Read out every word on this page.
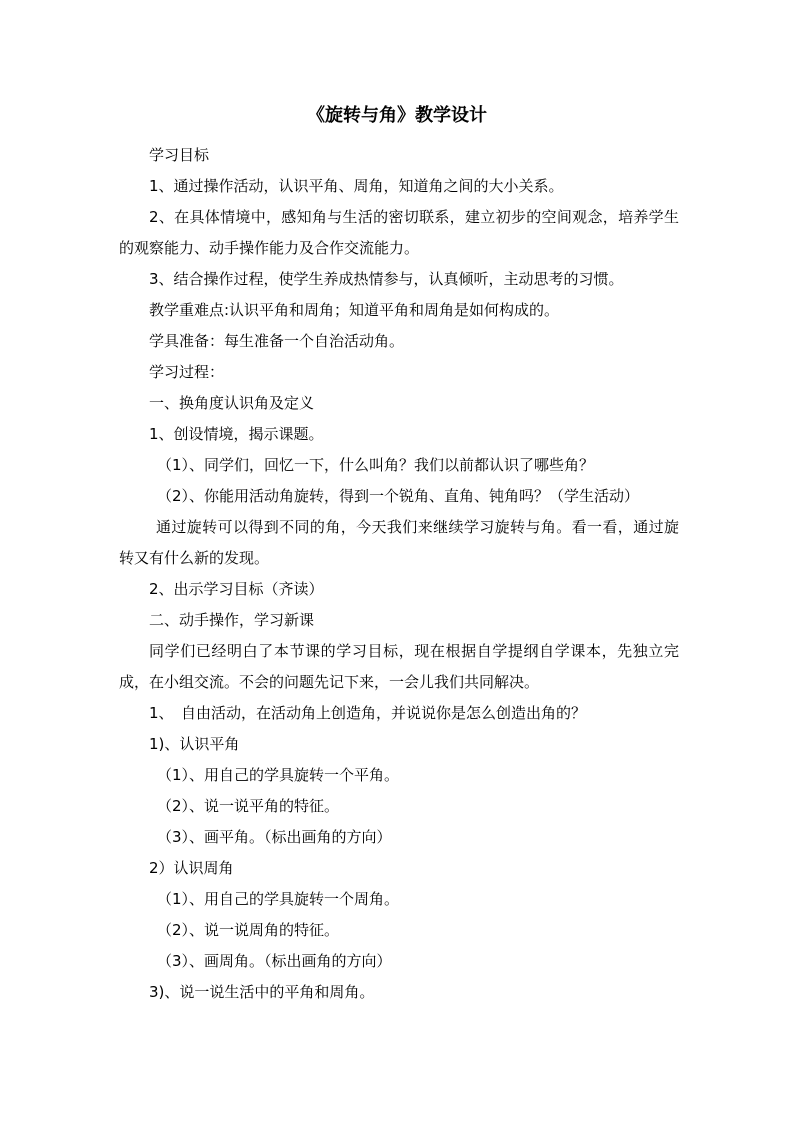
《旋转与角》教学设计

学习目标

1、通过操作活动，认识平角、周角，知道角之间的大小关系。

2、在具体情境中，感知角与生活的密切联系，建立初步的空间观念，培养学生的观察能力、动手操作能力及合作交流能力。

3、结合操作过程，使学生养成热情参与，认真倾听，主动思考的习惯。

教学重难点:认识平角和周角；知道平角和周角是如何构成的。

学具准备：每生准备一个自治活动角。

学习过程：

一、换角度认识角及定义

1、创设情境，揭示课题。

（1）、同学们，回忆一下，什么叫角？我们以前都认识了哪些角？

（2）、你能用活动角旋转，得到一个锐角、直角、钝角吗？（学生活动）

通过旋转可以得到不同的角，今天我们来继续学习旋转与角。看一看，通过旋转又有什么新的发现。

2、出示学习目标（齐读）

二、动手操作，学习新课

同学们已经明白了本节课的学习目标，现在根据自学提纲自学课本，先独立完成，在小组交流。不会的问题先记下来，一会儿我们共同解决。

1、　自由活动，在活动角上创造角，并说说你是怎么创造出角的？

1)、认识平角

（1）、用自己的学具旋转一个平角。

（2）、说一说平角的特征。

（3）、画平角。（标出画角的方向）

2）认识周角

（1）、用自己的学具旋转一个周角。

（2）、说一说周角的特征。

（3）、画周角。（标出画角的方向）

3)、说一说生活中的平角和周角。
